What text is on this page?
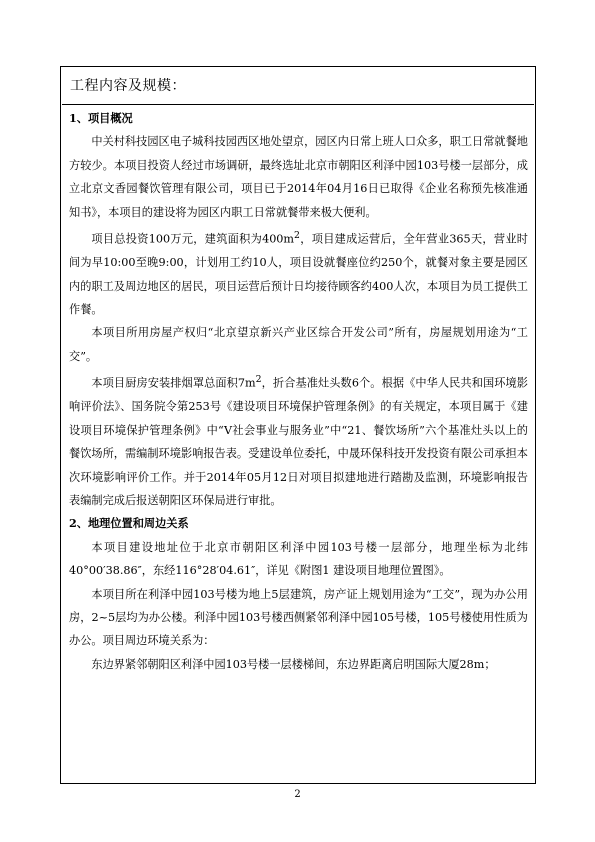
工程内容及规模：

1、项目概况

中关村科技园区电子城科技园西区地处望京，园区内日常上班人口众多，职工日常就餐地方较少。本项目投资人经过市场调研，最终选址北京市朝阳区利泽中园103号楼一层部分，成立北京文香园餐饮管理有限公司，项目已于2014年04月16日已取得《企业名称预先核准通知书》，本项目的建设将为园区内职工日常就餐带来极大便利。

项目总投资100万元，建筑面积为$400m^2$，项目建成运营后，全年营业365天，营业时间为早10:00至晚9:00，计划用工约10人，项目设就餐座位约250个，就餐对象主要是园区内的职工及周边地区的居民，项目运营后预计日均接待顾客约400人次，本项目为员工提供工作餐。

本项目所用房屋产权归“北京望京新兴产业区综合开发公司”所有，房屋规划用途为“工交”。

本项目厨房安装排烟罩总面积$7m^2$，折合基准灶头数6个。根据《中华人民共和国环境影响评价法》、国务院令第253号《建设项目环境保护管理条例》的有关规定，本项目属于《建设项目环境保护管理条例》中“Ⅴ社会事业与服务业”中“21、餐饮场所”六个基准灶头以上的餐饮场所，需编制环境影响报告表。受建设单位委托，中晟环保科技开发投资有限公司承担本次环境影响评价工作。并于2014年05月12日对项目拟建地进行踏勘及监测，环境影响报告表编制完成后报送朝阳区环保局进行审批。

2、地理位置和周边关系

本项目建设地址位于北京市朝阳区利泽中园103号楼一层部分，地理坐标为北纬40°00′38.86″，东经116°28′04.61″，详见《附图1 建设项目地理位置图》。

本项目所在利泽中园103号楼为地上5层建筑，房产证上规划用途为“工交”，现为办公用房，2~5层均为办公楼。利泽中园103号楼西侧紧邻利泽中园105号楼，105号楼使用性质为办公。项目周边环境关系为：

东边界紧邻朝阳区利泽中园103号楼一层楼梯间，东边界距离启明国际大厦28m；

2
